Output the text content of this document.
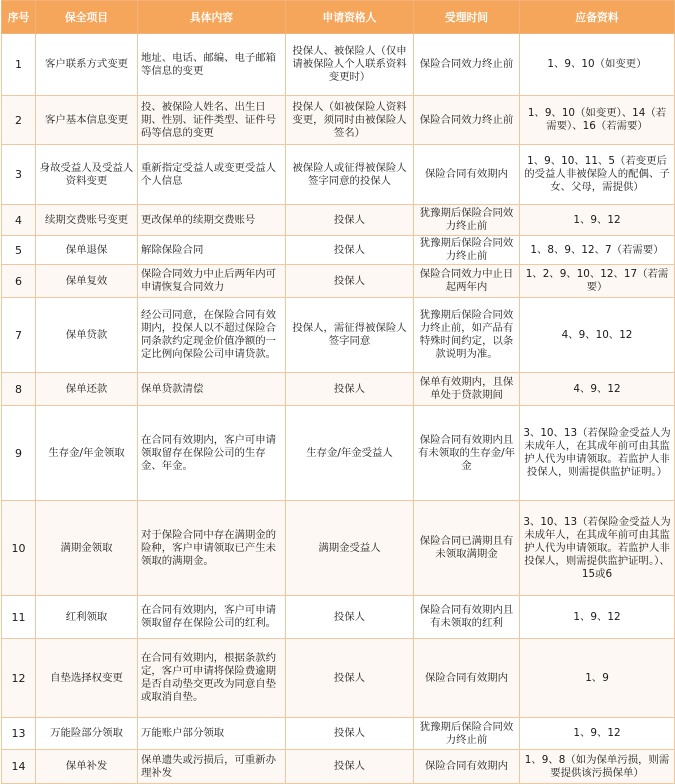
序号	保全项目	具体内容	申请资格人	受理时间	应备资料
1	客户联系方式变更	地址、电话、邮编、电子邮箱等信息的变更	投保人、被保险人（仅申请被保险人个人联系资料变更时）	保险合同效力终止前	1、9、10（如变更）
2	客户基本信息变更	投、被保险人姓名、出生日期、性别、证件类型、证件号码等信息的变更	投保人（如被保险人资料变更，须同时由被保险人签名）	保险合同效力终止前	1、9、10（如变更）、14（若需要）、16（若需要）
3	身故受益人及受益人资料变更	重新指定受益人或变更受益人个人信息	被保险人或征得被保险人签字同意的投保人	保险合同有效期内	1、9、10、11、5（若变更后的受益人非被保险人的配偶、子女、父母，需提供）
4	续期交费账号变更	更改保单的续期交费账号	投保人	犹豫期后保险合同效力终止前	1、9、12
5	保单退保	解除保险合同	投保人	犹豫期后保险合同效力终止前	1、8、9、12、7（若需要）
6	保单复效	保险合同效力中止后两年内可申请恢复合同效力	投保人	保险合同效力中止日起两年内	1、2、9、10、12、17（若需要）
7	保单贷款	经公司同意，在保险合同有效期内，投保人以不超过保险合同条款约定现金价值净额的一定比例向保险公司申请贷款。	投保人，需征得被保险人签字同意	犹豫期后保险合同效力终止前，如产品有特殊时间约定，以条款说明为准。	4、9、10、12
8	保单还款	保单贷款清偿	投保人	保单有效期内，且保单处于贷款期间	4、9、12
9	生存金/年金领取	在合同有效期内，客户可申请领取留存在保险公司的生存金、年金。	生存金/年金受益人	保险合同有效期内且有未领取的生存金/年金	3、10、13（若保险金受益人为未成年人，在其成年前可由其监护人代为申请领取。若监护人非投保人，则需提供监护证明。）
10	满期金领取	对于保险合同中存在满期金的险种，客户申请领取已产生未领取的满期金。	满期金受益人	保险合同已满期且有未领取满期金	3、10、13（若保险金受益人为未成年人，在其成年前可由其监护人代为申请领取。若监护人非投保人，则需提供监护证明。）、15或6
11	红利领取	在合同有效期内，客户可申请领取留存在保险公司的红利。	投保人	保险合同有效期内且有未领取的红利	1、9、12
12	自垫选择权变更	在合同有效期内，根据条款约定，客户可申请将保险费逾期是否自动垫交更改为同意自垫或取消自垫。	投保人	保险合同有效期内	1、9
13	万能险部分领取	万能账户部分领取	投保人	犹豫期后保险合同效力终止前	1、9、12
14	保单补发	保单遗失或污损后，可重新办理补发	投保人	保险合同有效期内	1、9、8（如为保单污损，则需要提供该污损保单）
